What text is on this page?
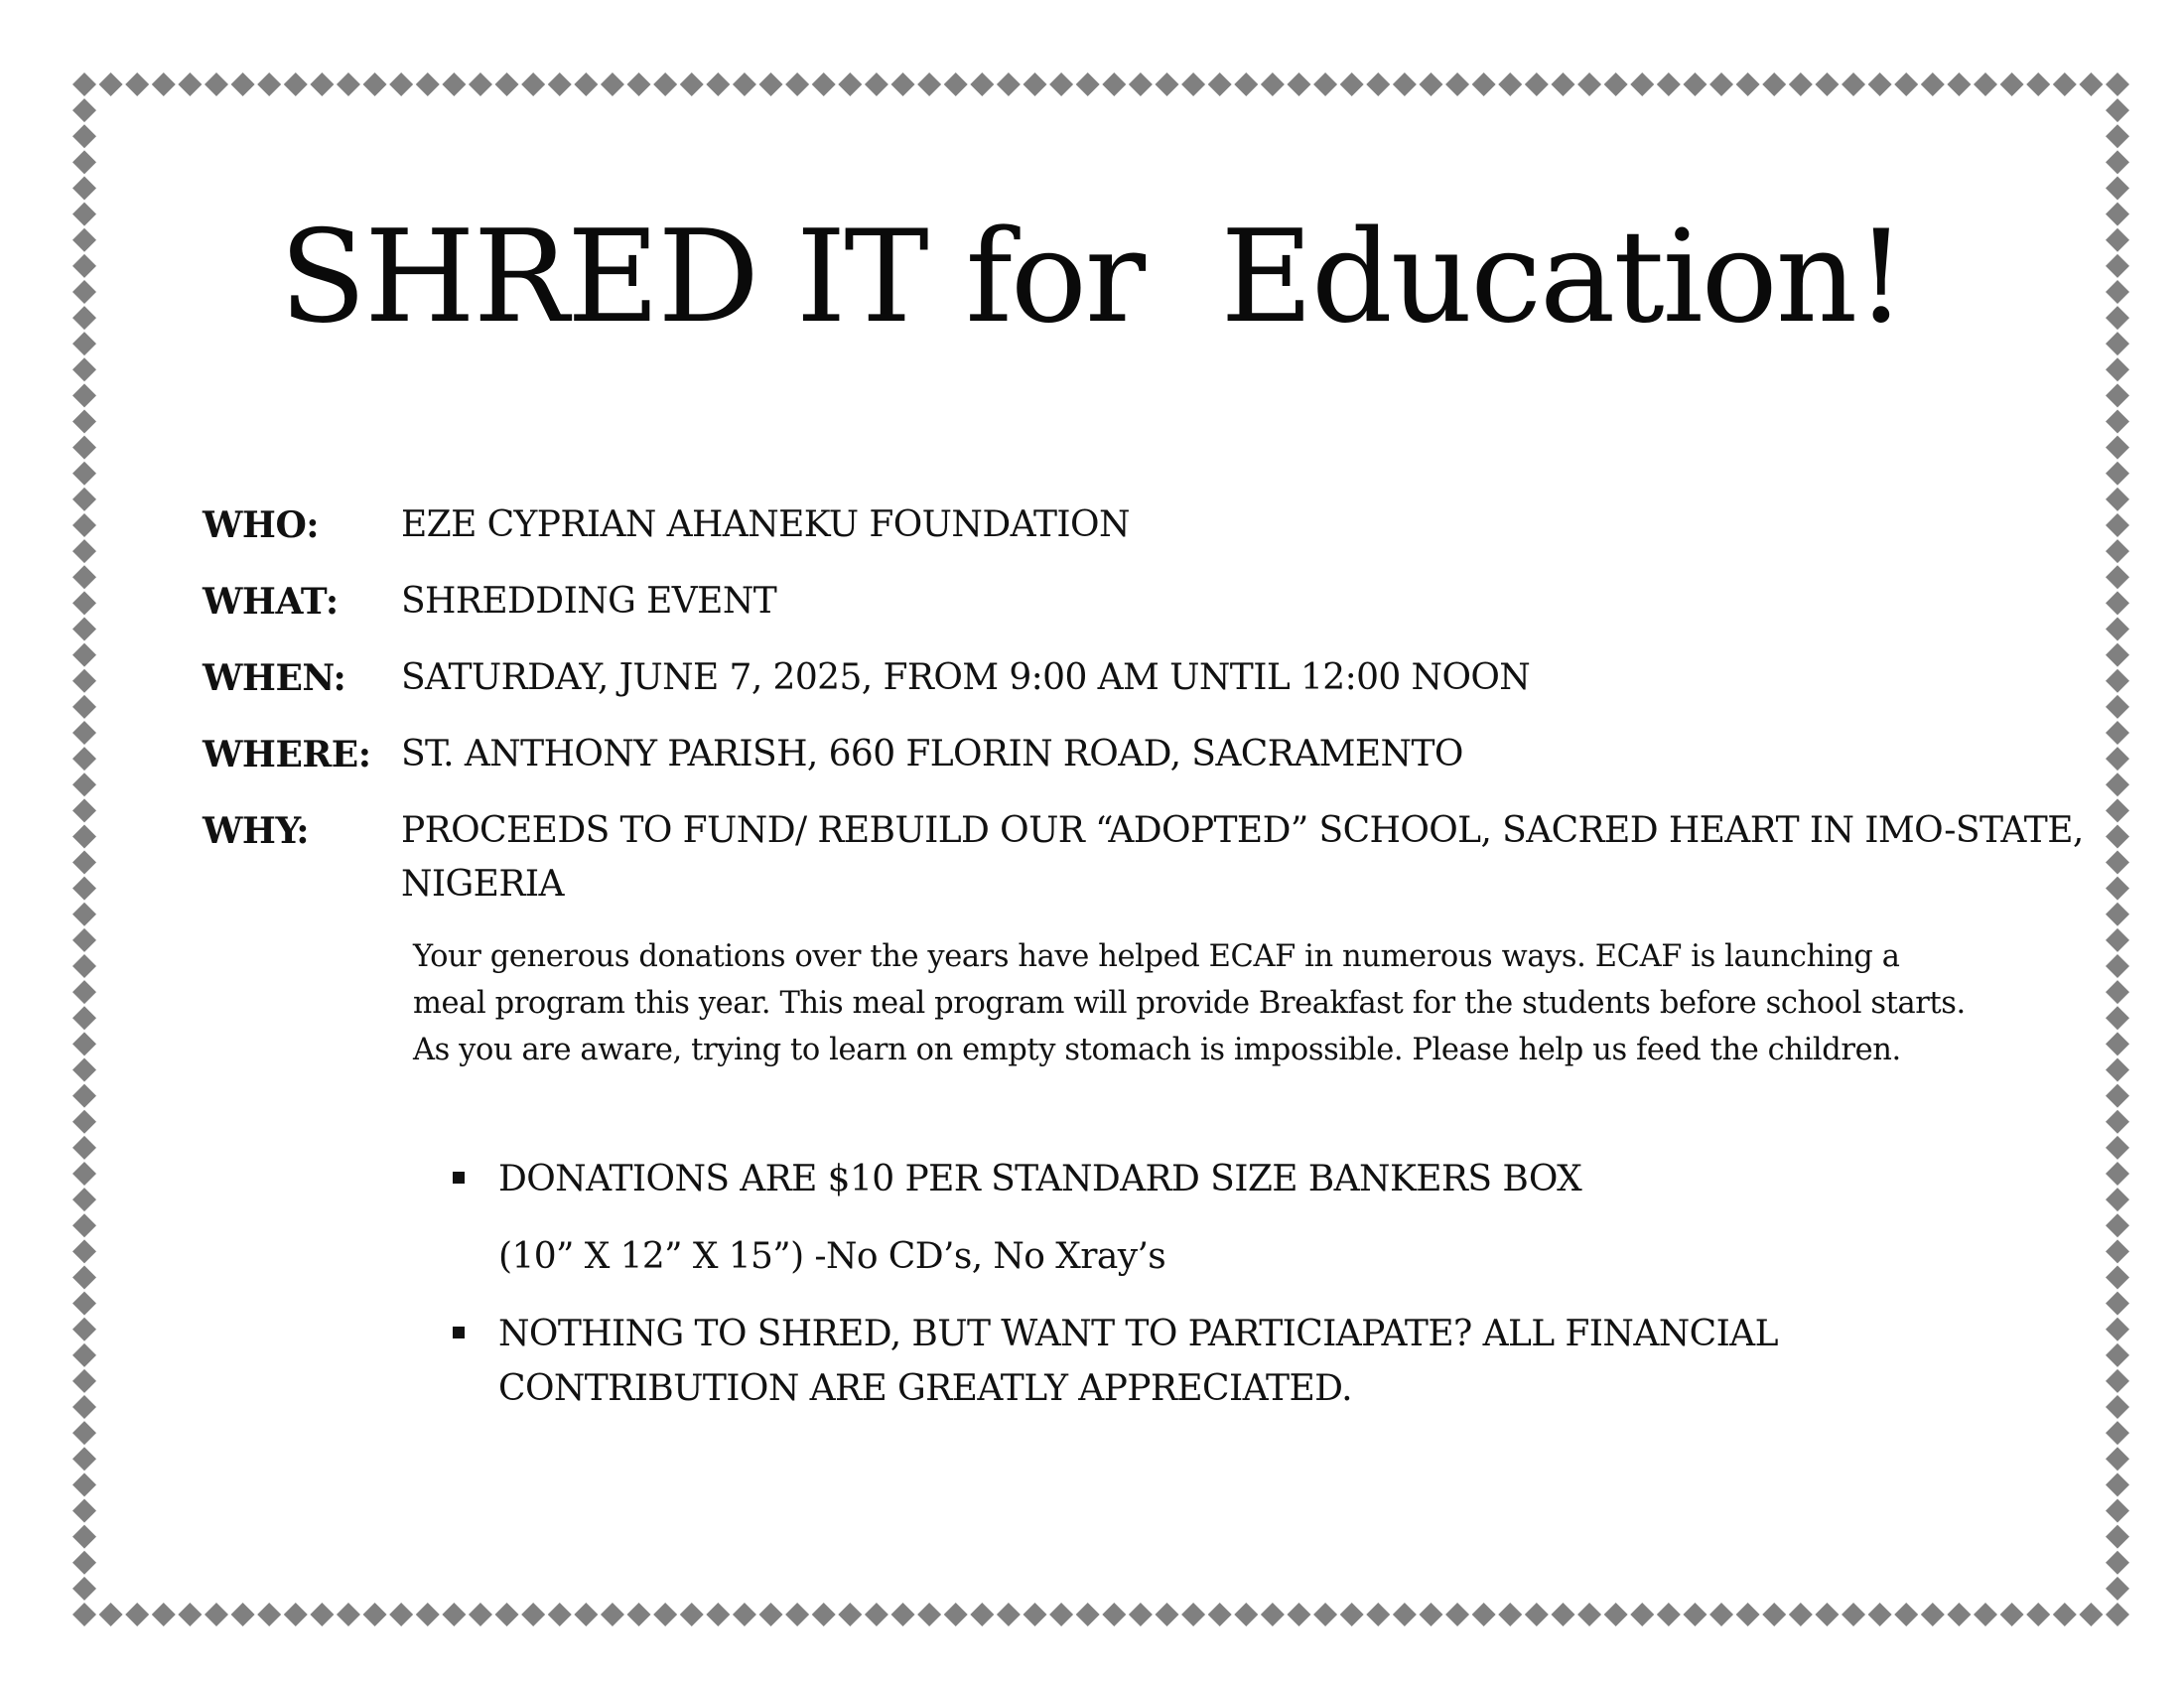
SHRED IT for  Education!
WHO: EZE CYPRIAN AHANEKU FOUNDATION
WHAT: SHREDDING EVENT
WHEN: SATURDAY, JUNE 7, 2025, FROM 9:00 AM UNTIL 12:00 NOON
WHERE: ST. ANTHONY PARISH, 660 FLORIN ROAD, SACRAMENTO
WHY:	PROCEEDS TO FUND/ REBUILD OUR “ADOPTED” SCHOOL, SACRED HEART IN IMO-STATE, NIGERIA
Your generous donations over the years have helped ECAF in numerous ways. ECAF is launching a meal program this year. This meal program will provide Breakfast for the students before school starts. As you are aware, trying to learn on empty stomach is impossible. Please help us feed the children.
DONATIONS ARE $10 PER STANDARD SIZE BANKERS BOX
(10” X 12” X 15”) -No CD’s, No Xray’s
NOTHING TO SHRED, BUT WANT TO PARTICIAPATE? ALL FINANCIAL CONTRIBUTION ARE GREATLY APPRECIATED.
